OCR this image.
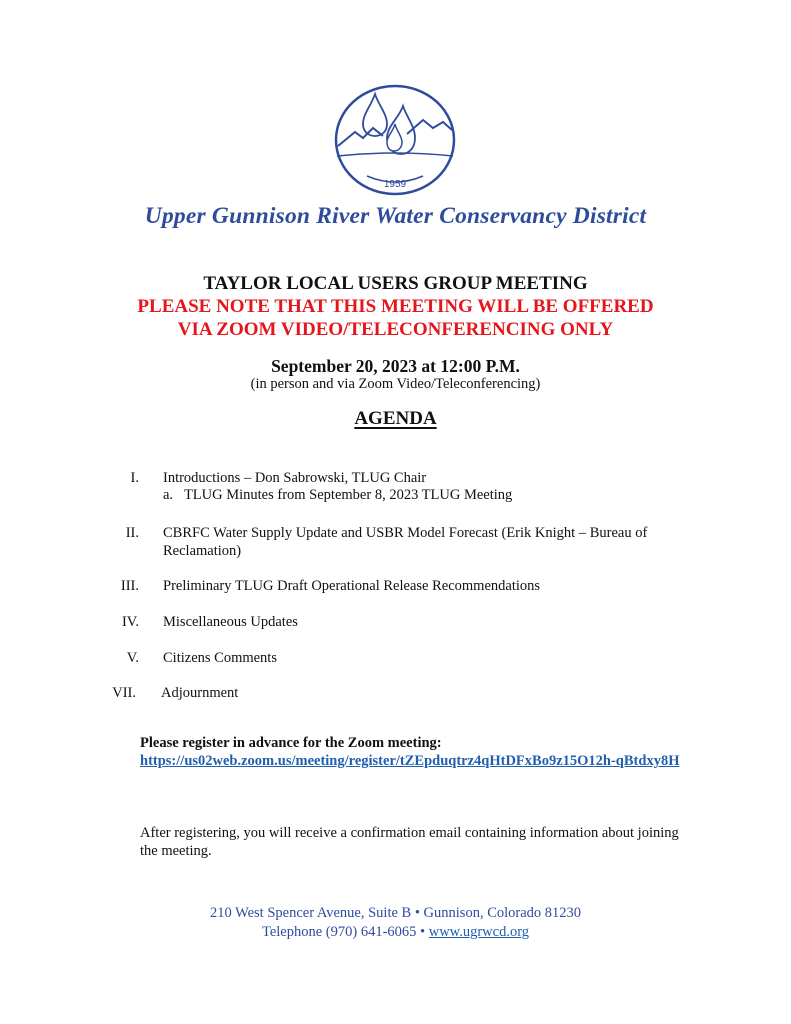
1959
Upper Gunnison River Water Conservancy District
TAYLOR LOCAL USERS GROUP MEETING
PLEASE NOTE THAT THIS MEETING WILL BE OFFERED
VIA ZOOM VIDEO/TELECONFERENCING ONLY
September 20, 2023 at 12:00 P.M.
(in person and via Zoom Video/Teleconferencing)
AGENDA
I. Introductions – Don Sabrowski, TLUG Chair
a. TLUG Minutes from September 8, 2023 TLUG Meeting
II. CBRFC Water Supply Update and USBR Model Forecast (Erik Knight – Bureau of Reclamation)
III. Preliminary TLUG Draft Operational Release Recommendations
IV. Miscellaneous Updates
V. Citizens Comments
VII. Adjournment
Please register in advance for the Zoom meeting:
https://us02web.zoom.us/meeting/register/tZEpduqtrz4qHtDFxBo9z15O12h-qBtdxy8H
After registering, you will receive a confirmation email containing information about joining the meeting.
210 West Spencer Avenue, Suite B • Gunnison, Colorado 81230
Telephone (970) 641-6065 • www.ugrwcd.org
